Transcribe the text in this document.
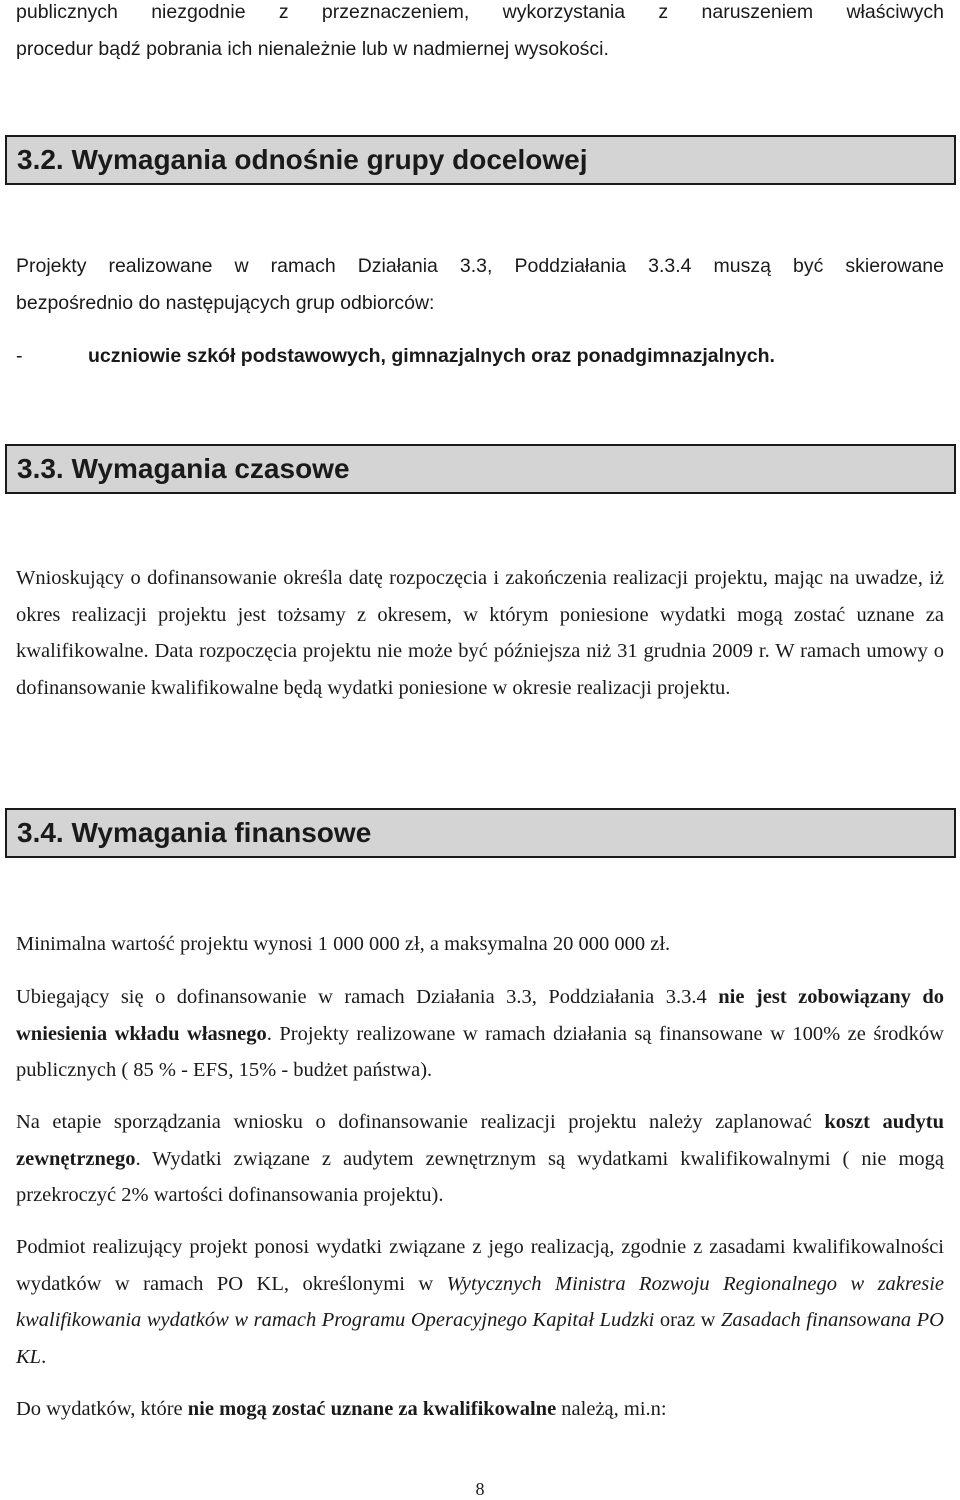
publicznych niezgodnie z przeznaczeniem, wykorzystania z naruszeniem właściwych
procedur bądź pobrania ich nienależnie lub w nadmiernej wysokości.

3.2. Wymagania odnośnie grupy docelowej

Projekty realizowane w ramach Działania 3.3, Poddziałania 3.3.4 muszą być skierowane
bezpośrednio do następujących grup odbiorców:

-	uczniowie szkół podstawowych, gimnazjalnych oraz ponadgimnazjalnych.
3.3. Wymagania czasowe

Wnioskujący o dofinansowanie określa datę rozpoczęcia i zakończenia realizacji projektu, mając na uwadze, iż okres realizacji projektu jest tożsamy z okresem, w którym poniesione wydatki mogą zostać uznane za kwalifikowalne. Data rozpoczęcia projektu nie może być późniejsza niż 31 grudnia 2009 r. W ramach umowy o dofinansowanie kwalifikowalne będą wydatki poniesione w okresie realizacji projektu.

3.4. Wymagania finansowe

Minimalna wartość projektu wynosi 1 000 000 zł, a maksymalna 20 000 000 zł.

Ubiegający się o dofinansowanie w ramach Działania 3.3, Poddziałania 3.3.4 nie jest zobowiązany do wniesienia wkładu własnego. Projekty realizowane w ramach działania są finansowane w 100% ze środków publicznych ( 85 % - EFS, 15% - budżet państwa).

Na etapie sporządzania wniosku o dofinansowanie realizacji projektu należy zaplanować koszt audytu zewnętrznego. Wydatki związane z audytem zewnętrznym są wydatkami kwalifikowalnymi ( nie mogą przekroczyć 2% wartości dofinansowania projektu).

Podmiot realizujący projekt ponosi wydatki związane z jego realizacją, zgodnie z zasadami kwalifikowalności wydatków w ramach PO KL, określonymi w Wytycznych Ministra Rozwoju Regionalnego w zakresie kwalifikowania wydatków w ramach Programu Operacyjnego Kapitał Ludzki oraz w Zasadach finansowana PO KL.

Do wydatków, które nie mogą zostać uznane za kwalifikowalne należą, mi.n:

8
